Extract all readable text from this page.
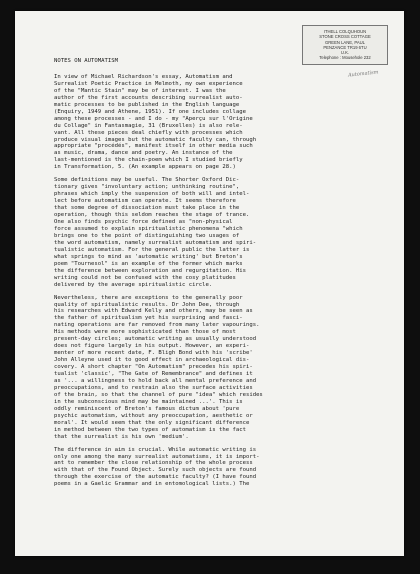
ITHELL COLQUHOUN
STONE CROSS COTTAGE
GREEN LANE, PAUL
PENZANCE TR19 6TU
U.K.
Telephone : Mousehole 232
Automatism
NOTES ON AUTOMATISM
In view of Michael Richardson's essay, Automatism and
Surrealist Poetic Practice in Melmoth, my own experience
of the "Mantic Stain" may be of interest. I was the
author of the first accounts describing surrealist auto-
matic processes to be published in the English language
(Enquiry, 1949 and Athene, 1951). If one includes collage
among these processes - and I do - my "Aperçu sur l'Origine
du Collage" in Fantasmagie, 31 (Bruxelles) is also rele-
vant. All these pieces deal chiefly with processes which
produce visual images but the automatic faculty can, through
appropriate "procédés", manifest itself in other media such
as music, drama, dance and poetry. An instance of the
last-mentioned is the chain-poem which I studied briefly
in Transformation, 5. (An example appears on page 28.)
Some definitions may be useful. The Shorter Oxford Dic-
tionary gives "involuntary action; unthinking routine",
phrases which imply the suspension of both will and intel-
lect before automatism can operate. It seems therefore
that some degree of dissociation must take place in the
operation, though this seldom reaches the stage of trance.
One also finds psychic force defined as "non-physical
force assumed to explain spiritualistic phenomena "which
brings one to the point of distinguishing two usages of
the word automatism, namely surrealist automatism and spiri-
tualistic automatism. For the general public the latter is
what springs to mind as 'automatic writing' but Breton's
poem "Tournesol" is an example of the former which marks
the difference between exploration and regurgitation. His
writing could not be confused with the cosy platitudes
delivered by the average spiritualistic circle.
Nevertheless, there are exceptions to the generally poor
quality of spiritualistic results. Dr John Dee, through
his researches with Edward Kelly and others, may be seen as
the father of spiritualism yet his surprising and fasci-
nating operations are far removed from many later vapourings.
His methods were more sophisticated than those of most
present-day circles; automatic writing as usually understood
does not figure largely in his output. However, an experi-
menter of more recent date, F. Bligh Bond with his 'scribe'
John Alleyne used it to good effect in archaeological dis-
covery. A short chapter "On Automatism" precedes his spiri-
tualist 'classic', "The Gate of Remembrance" and defines it
as '... a willingness to hold back all mental preference and
preoccupations, and to restrain also the surface activities
of the brain, so that the channel of pure "idea" which resides
in the subconscious mind may be maintained ...'. This is
oddly reminiscent of Breton's famous dictum about 'pure
psychic automatism, without any preoccupation, aesthetic or
moral'. It would seem that the only significant difference
in method between the two types of automatism is the fact
that the surrealist is his own 'medium'.
The difference in aim is crucial. While automatic writing is
only one among the many surrealist automatisms, it is import-
ant to remember the close relationship of the whole process
with that of the Found Object. Surely such objects are found
through the exercise of the automatic faculty? (I have found
poems in a Gaelic Grammar and in entomological lists.) The
